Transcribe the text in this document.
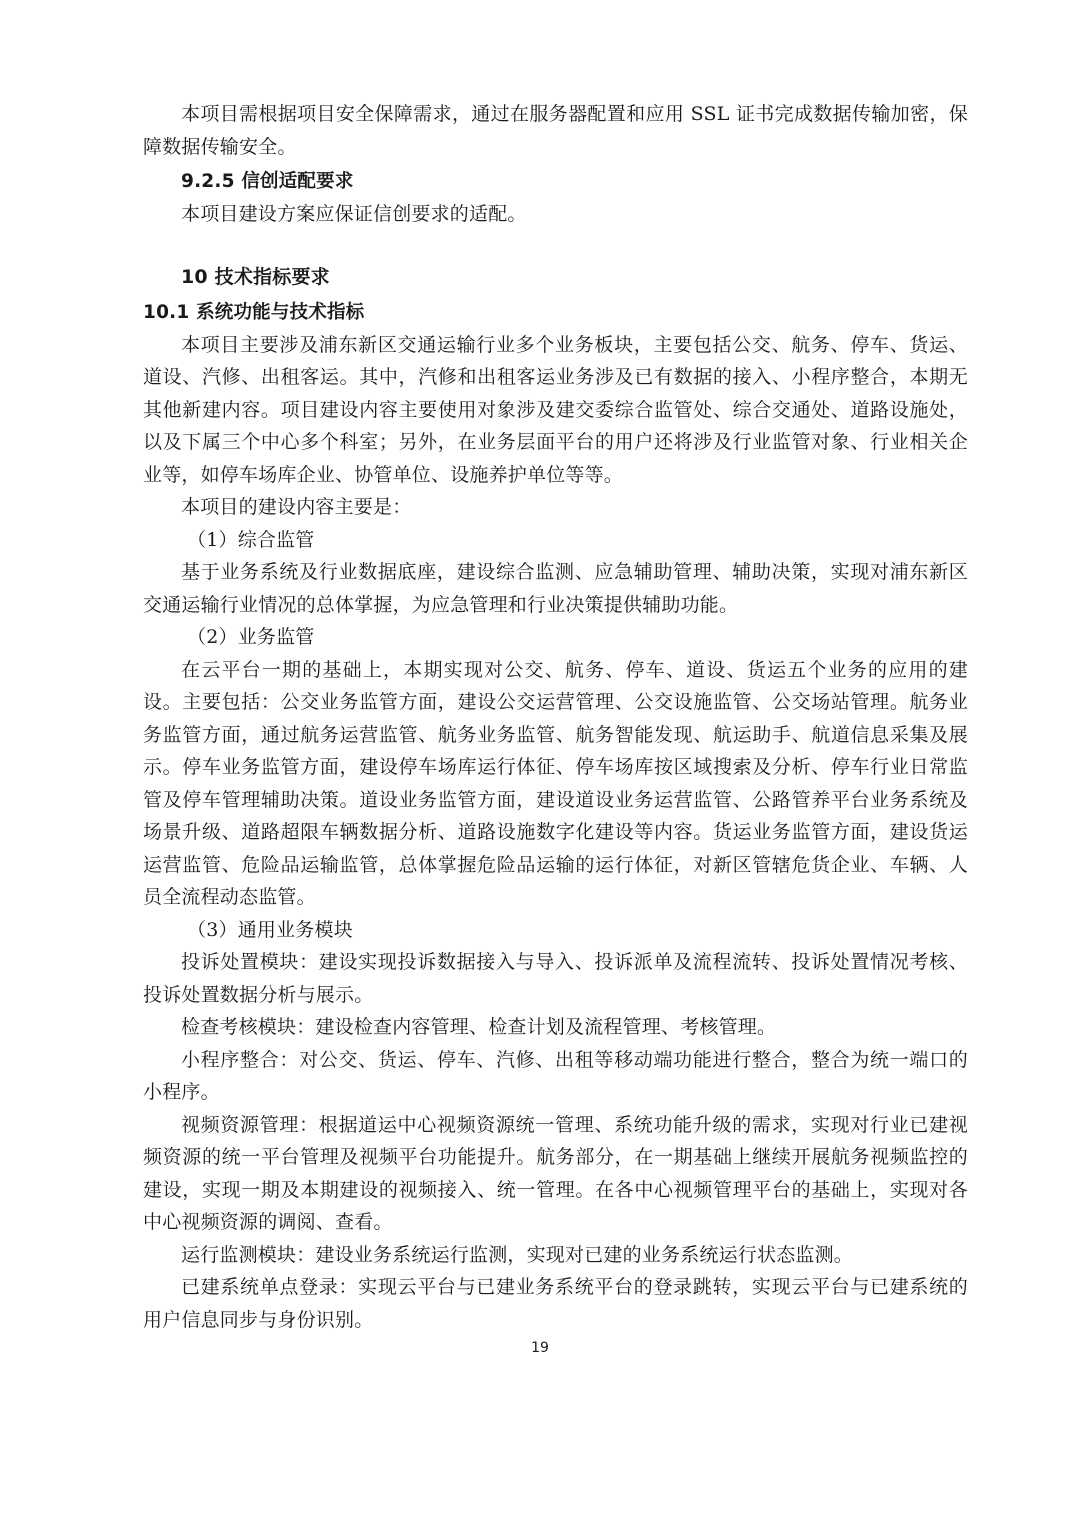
本项目需根据项目安全保障需求，通过在服务器配置和应用 SSL 证书完成数据传输加密，保障数据传输安全。

9.2.5 信创适配要求

本项目建设方案应保证信创要求的适配。

10 技术指标要求

10.1 系统功能与技术指标

本项目主要涉及浦东新区交通运输行业多个业务板块，主要包括公交、航务、停车、货运、道设、汽修、出租客运。其中，汽修和出租客运业务涉及已有数据的接入、小程序整合，本期无其他新建内容。项目建设内容主要使用对象涉及建交委综合监管处、综合交通处、道路设施处，以及下属三个中心多个科室；另外，在业务层面平台的用户还将涉及行业监管对象、行业相关企业等，如停车场库企业、协管单位、设施养护单位等等。

本项目的建设内容主要是：

（1）综合监管

基于业务系统及行业数据底座，建设综合监测、应急辅助管理、辅助决策，实现对浦东新区交通运输行业情况的总体掌握，为应急管理和行业决策提供辅助功能。

（2）业务监管

在云平台一期的基础上，本期实现对公交、航务、停车、道设、货运五个业务的应用的建设。主要包括：公交业务监管方面，建设公交运营管理、公交设施监管、公交场站管理。航务业务监管方面，通过航务运营监管、航务业务监管、航务智能发现、航运助手、航道信息采集及展示。停车业务监管方面，建设停车场库运行体征、停车场库按区域搜索及分析、停车行业日常监管及停车管理辅助决策。道设业务监管方面，建设道设业务运营监管、公路管养平台业务系统及场景升级、道路超限车辆数据分析、道路设施数字化建设等内容。货运业务监管方面，建设货运运营监管、危险品运输监管，总体掌握危险品运输的运行体征，对新区管辖危货企业、车辆、人员全流程动态监管。

（3）通用业务模块

投诉处置模块：建设实现投诉数据接入与导入、投诉派单及流程流转、投诉处置情况考核、投诉处置数据分析与展示。

检查考核模块：建设检查内容管理、检查计划及流程管理、考核管理。

小程序整合：对公交、货运、停车、汽修、出租等移动端功能进行整合，整合为统一端口的小程序。

视频资源管理：根据道运中心视频资源统一管理、系统功能升级的需求，实现对行业已建视频资源的统一平台管理及视频平台功能提升。航务部分，在一期基础上继续开展航务视频监控的建设，实现一期及本期建设的视频接入、统一管理。在各中心视频管理平台的基础上，实现对各中心视频资源的调阅、查看。

运行监测模块：建设业务系统运行监测，实现对已建的业务系统运行状态监测。

已建系统单点登录：实现云平台与已建业务系统平台的登录跳转，实现云平台与已建系统的用户信息同步与身份识别。

19
